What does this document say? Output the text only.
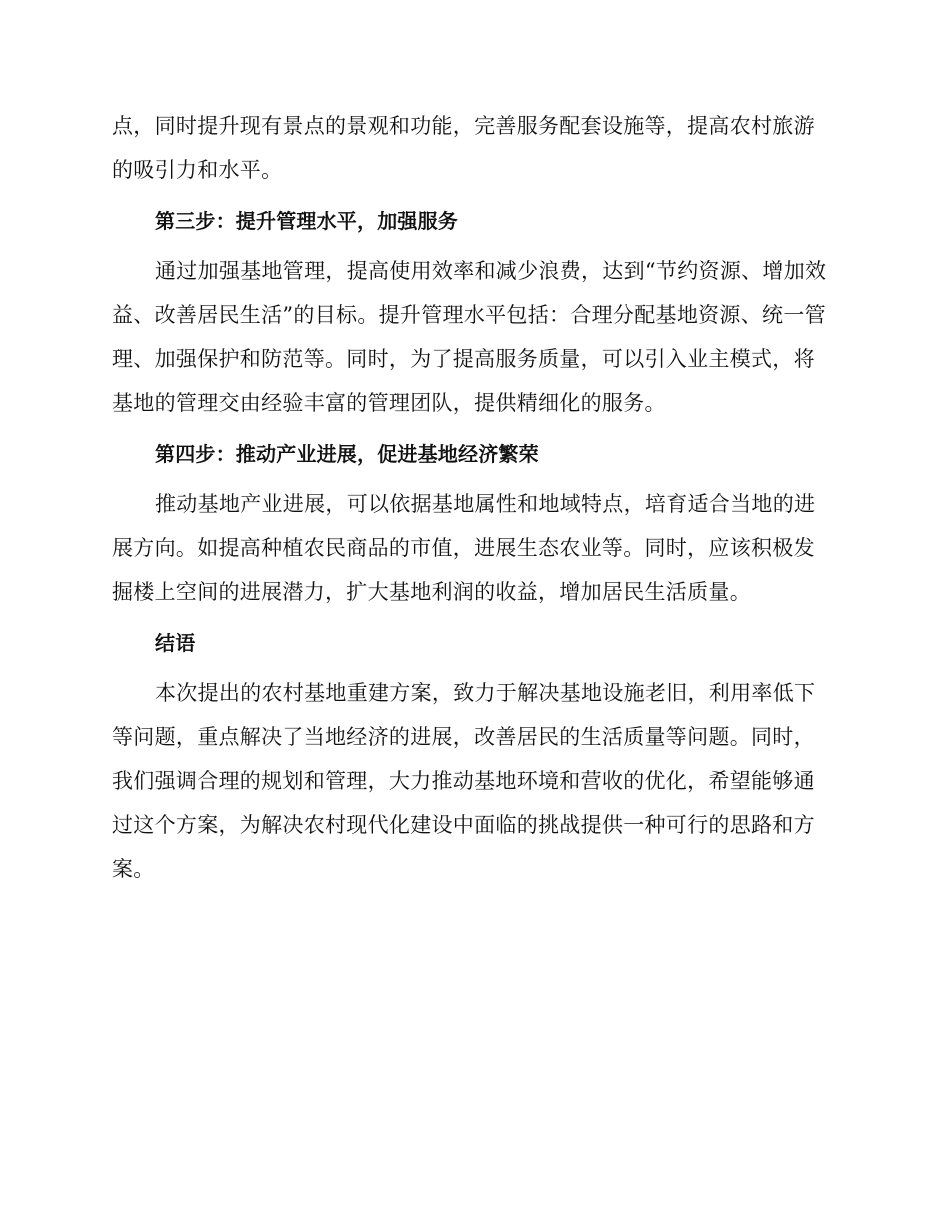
点，同时提升现有景点的景观和功能，完善服务配套设施等，提高农村旅游的吸引力和水平。

第三步：提升管理水平，加强服务

通过加强基地管理，提高使用效率和减少浪费，达到“节约资源、增加效益、改善居民生活”的目标。提升管理水平包括：合理分配基地资源、统一管理、加强保护和防范等。同时，为了提高服务质量，可以引入业主模式，将基地的管理交由经验丰富的管理团队，提供精细化的服务。

第四步：推动产业进展，促进基地经济繁荣

推动基地产业进展，可以依据基地属性和地域特点，培育适合当地的进展方向。如提高种植农民商品的市值，进展生态农业等。同时，应该积极发掘楼上空间的进展潜力，扩大基地利润的收益，增加居民生活质量。

结语

本次提出的农村基地重建方案，致力于解决基地设施老旧，利用率低下等问题，重点解决了当地经济的进展，改善居民的生活质量等问题。同时，我们强调合理的规划和管理，大力推动基地环境和营收的优化，希望能够通过这个方案，为解决农村现代化建设中面临的挑战提供一种可行的思路和方案。
